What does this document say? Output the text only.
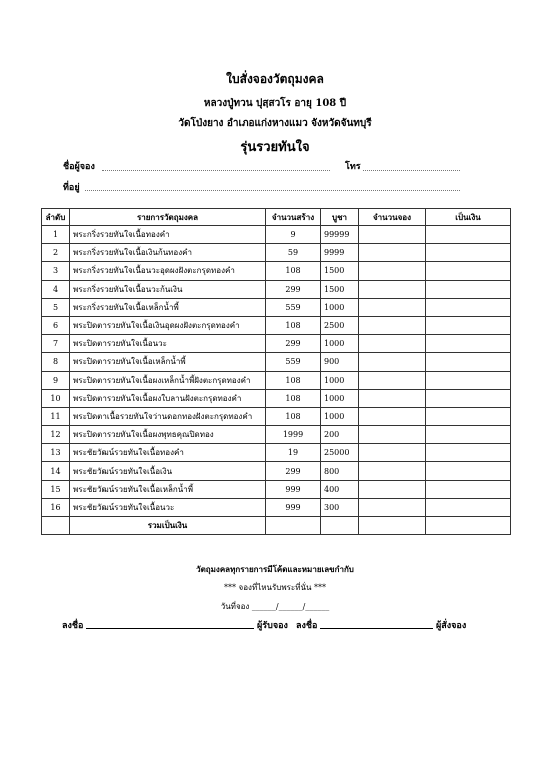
ใบสั่งจองวัตถุมงคล
หลวงปู่ทวน ปุสฺสวโร อายุ 108 ปี
วัดโป่งยาง อำเภอแก่งหางแมว จังหวัดจันทบุรี
รุ่นรวยทันใจ
ชื่อผู้จอง	โทร
ที่อยู่
ลำดับ	รายการวัตถุมงคล	จำนวนสร้าง	บูชา	จำนวนจอง	เป็นเงิน
1	พระกริ่งรวยทันใจเนื้อทองคำ	9	99999		
2	พระกริ่งรวยทันใจเนื้อเงินก้นทองคำ	59	9999		
3	พระกริ่งรวยทันใจเนื้อนวะอุดผงฝังตะกรุดทองคำ	108	1500		
4	พระกริ่งรวยทันใจเนื้อนวะก้นเงิน	299	1500		
5	พระกริ่งรวยทันใจเนื้อเหล็กน้ำพี้	559	1000		
6	พระปิดตารวยทันใจเนื้อเงินอุดผงฝังตะกรุดทองคำ	108	2500		
7	พระปิดตารวยทันใจเนื้อนวะ	299	1000		
8	พระปิดตารวยทันใจเนื้อเหล็กน้ำพี้	559	900		
9	พระปิดตารวยทันใจเนื้อผงเหล็กน้ำพี้ฝังตะกรุดทองคำ	108	1000		
10	พระปิดตารวยทันใจเนื้อผงใบลานฝังตะกรุดทองคำ	108	1000		
11	พระปิดตาเนื้อรวยทันใจว่านดอกทองฝังตะกรุดทองคำ	108	1000		
12	พระปิดตารวยทันใจเนื้อผงพุทธคุณปิดทอง	1999	200		
13	พระชัยวัฒน์รวยทันใจเนื้อทองคำ	19	25000		
14	พระชัยวัฒน์รวยทันใจเนื้อเงิน	299	800		
15	พระชัยวัฒน์รวยทันใจเนื้อเหล็กน้ำพี้	999	400		
16	พระชัยวัฒน์รวยทันใจเนื้อนวะ	999	300		
	รวมเป็นเงิน				
วัตถุมงคลทุกรายการมีโค้ดและหมายเลขกำกับ
*** จองที่ไหนรับพระที่นั่น ***
วันที่จอง ______/______/______
ลงชื่อ	ผู้รับจอง ลงชื่อ	ผู้สั่งจอง
